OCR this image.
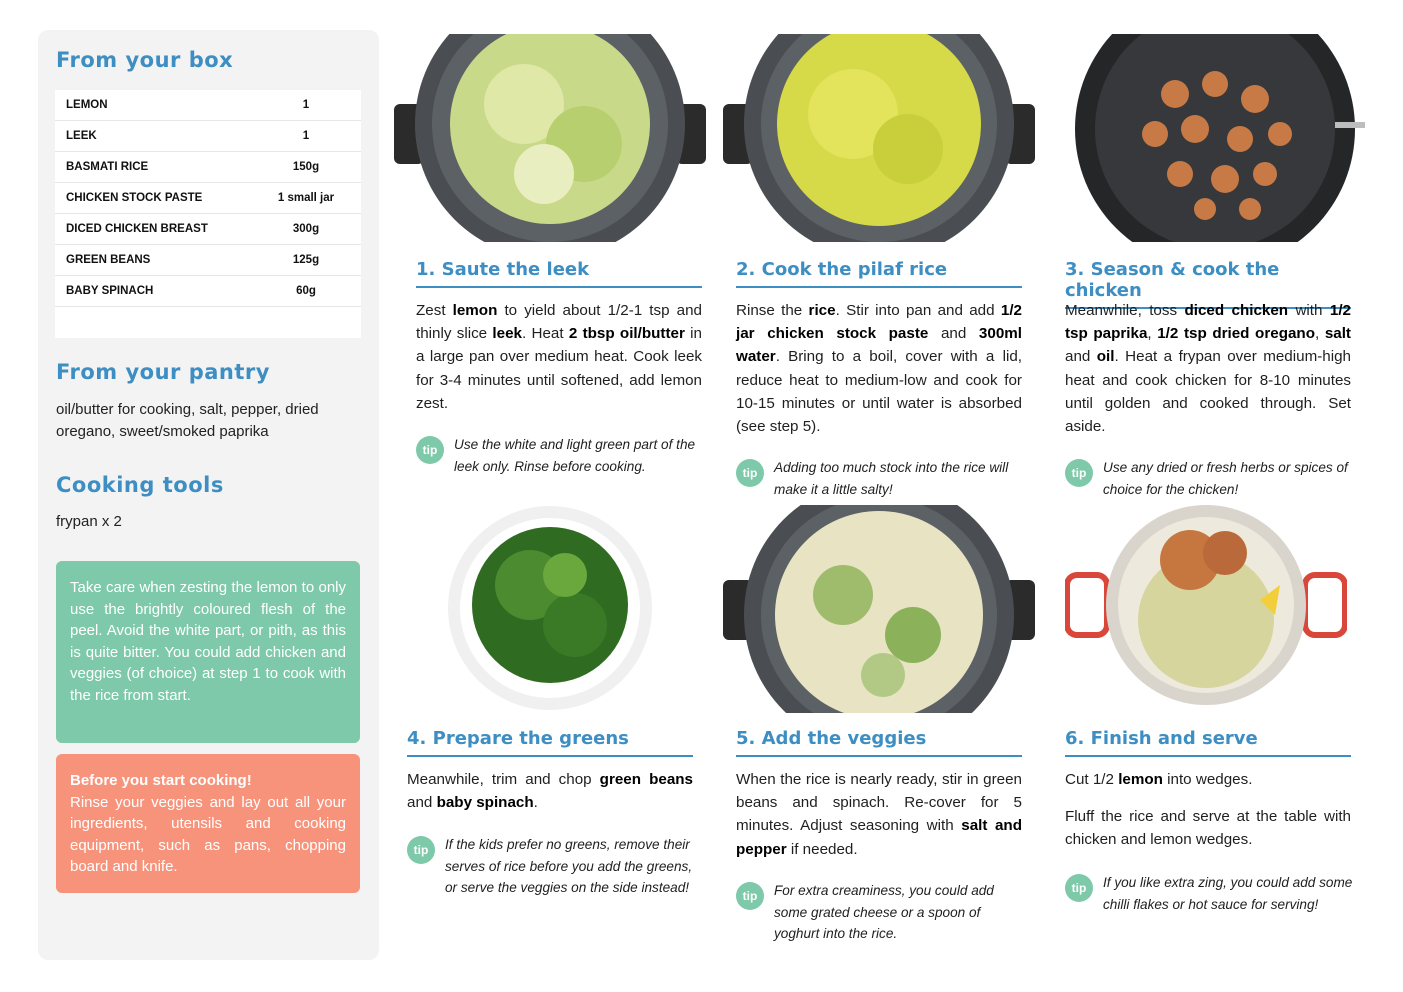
From your box
LEMON	1
LEEK	1
BASMATI RICE	150g
CHICKEN STOCK PASTE	1 small jar
DICED CHICKEN BREAST	300g
GREEN BEANS	125g
BABY SPINACH	60g
From your pantry
oil/butter for cooking, salt, pepper, dried oregano, sweet/smoked paprika
Cooking tools
frypan x 2
Take care when zesting the lemon to only use the brightly coloured flesh of the peel. Avoid the white part, or pith, as this is quite bitter. You could add chicken and veggies (of choice) at step 1 to cook with the rice from start.
Before you start cooking!
Rinse your veggies and lay out all your ingredients, utensils and cooking equipment, such as pans, chopping board and knife.
1. Saute the leek
Zest lemon to yield about 1/2-1 tsp and thinly slice leek. Heat 2 tbsp oil/butter in a large pan over medium heat. Cook leek for 3-4 minutes until softened, add lemon zest.
tip	Use the white and light green part of the leek only. Rinse before cooking.
2. Cook the pilaf rice
Rinse the rice. Stir into pan and add 1/2 jar chicken stock paste and 300ml water. Bring to a boil, cover with a lid, reduce heat to medium-low and cook for 10-15 minutes or until water is absorbed (see step 5).
tip	Adding too much stock into the rice will make it a little salty!
3. Season & cook the chicken
Meanwhile, toss diced chicken with 1/2 tsp paprika, 1/2 tsp dried oregano, salt and oil. Heat a frypan over medium-high heat and cook chicken for 8-10 minutes until golden and cooked through. Set aside.
tip	Use any dried or fresh herbs or spices of choice for the chicken!
4. Prepare the greens
Meanwhile, trim and chop green beans and baby spinach.
tip	If the kids prefer no greens, remove their serves of rice before you add the greens, or serve the veggies on the side instead!
5. Add the veggies
When the rice is nearly ready, stir in green beans and spinach. Re-cover for 5 minutes. Adjust seasoning with salt and pepper if needed.
tip	For extra creaminess, you could add some grated cheese or a spoon of yoghurt into the rice.
6. Finish and serve
Cut 1/2 lemon into wedges.
Fluff the rice and serve at the table with chicken and lemon wedges.
tip	If you like extra zing, you could add some chilli flakes or hot sauce for serving!
